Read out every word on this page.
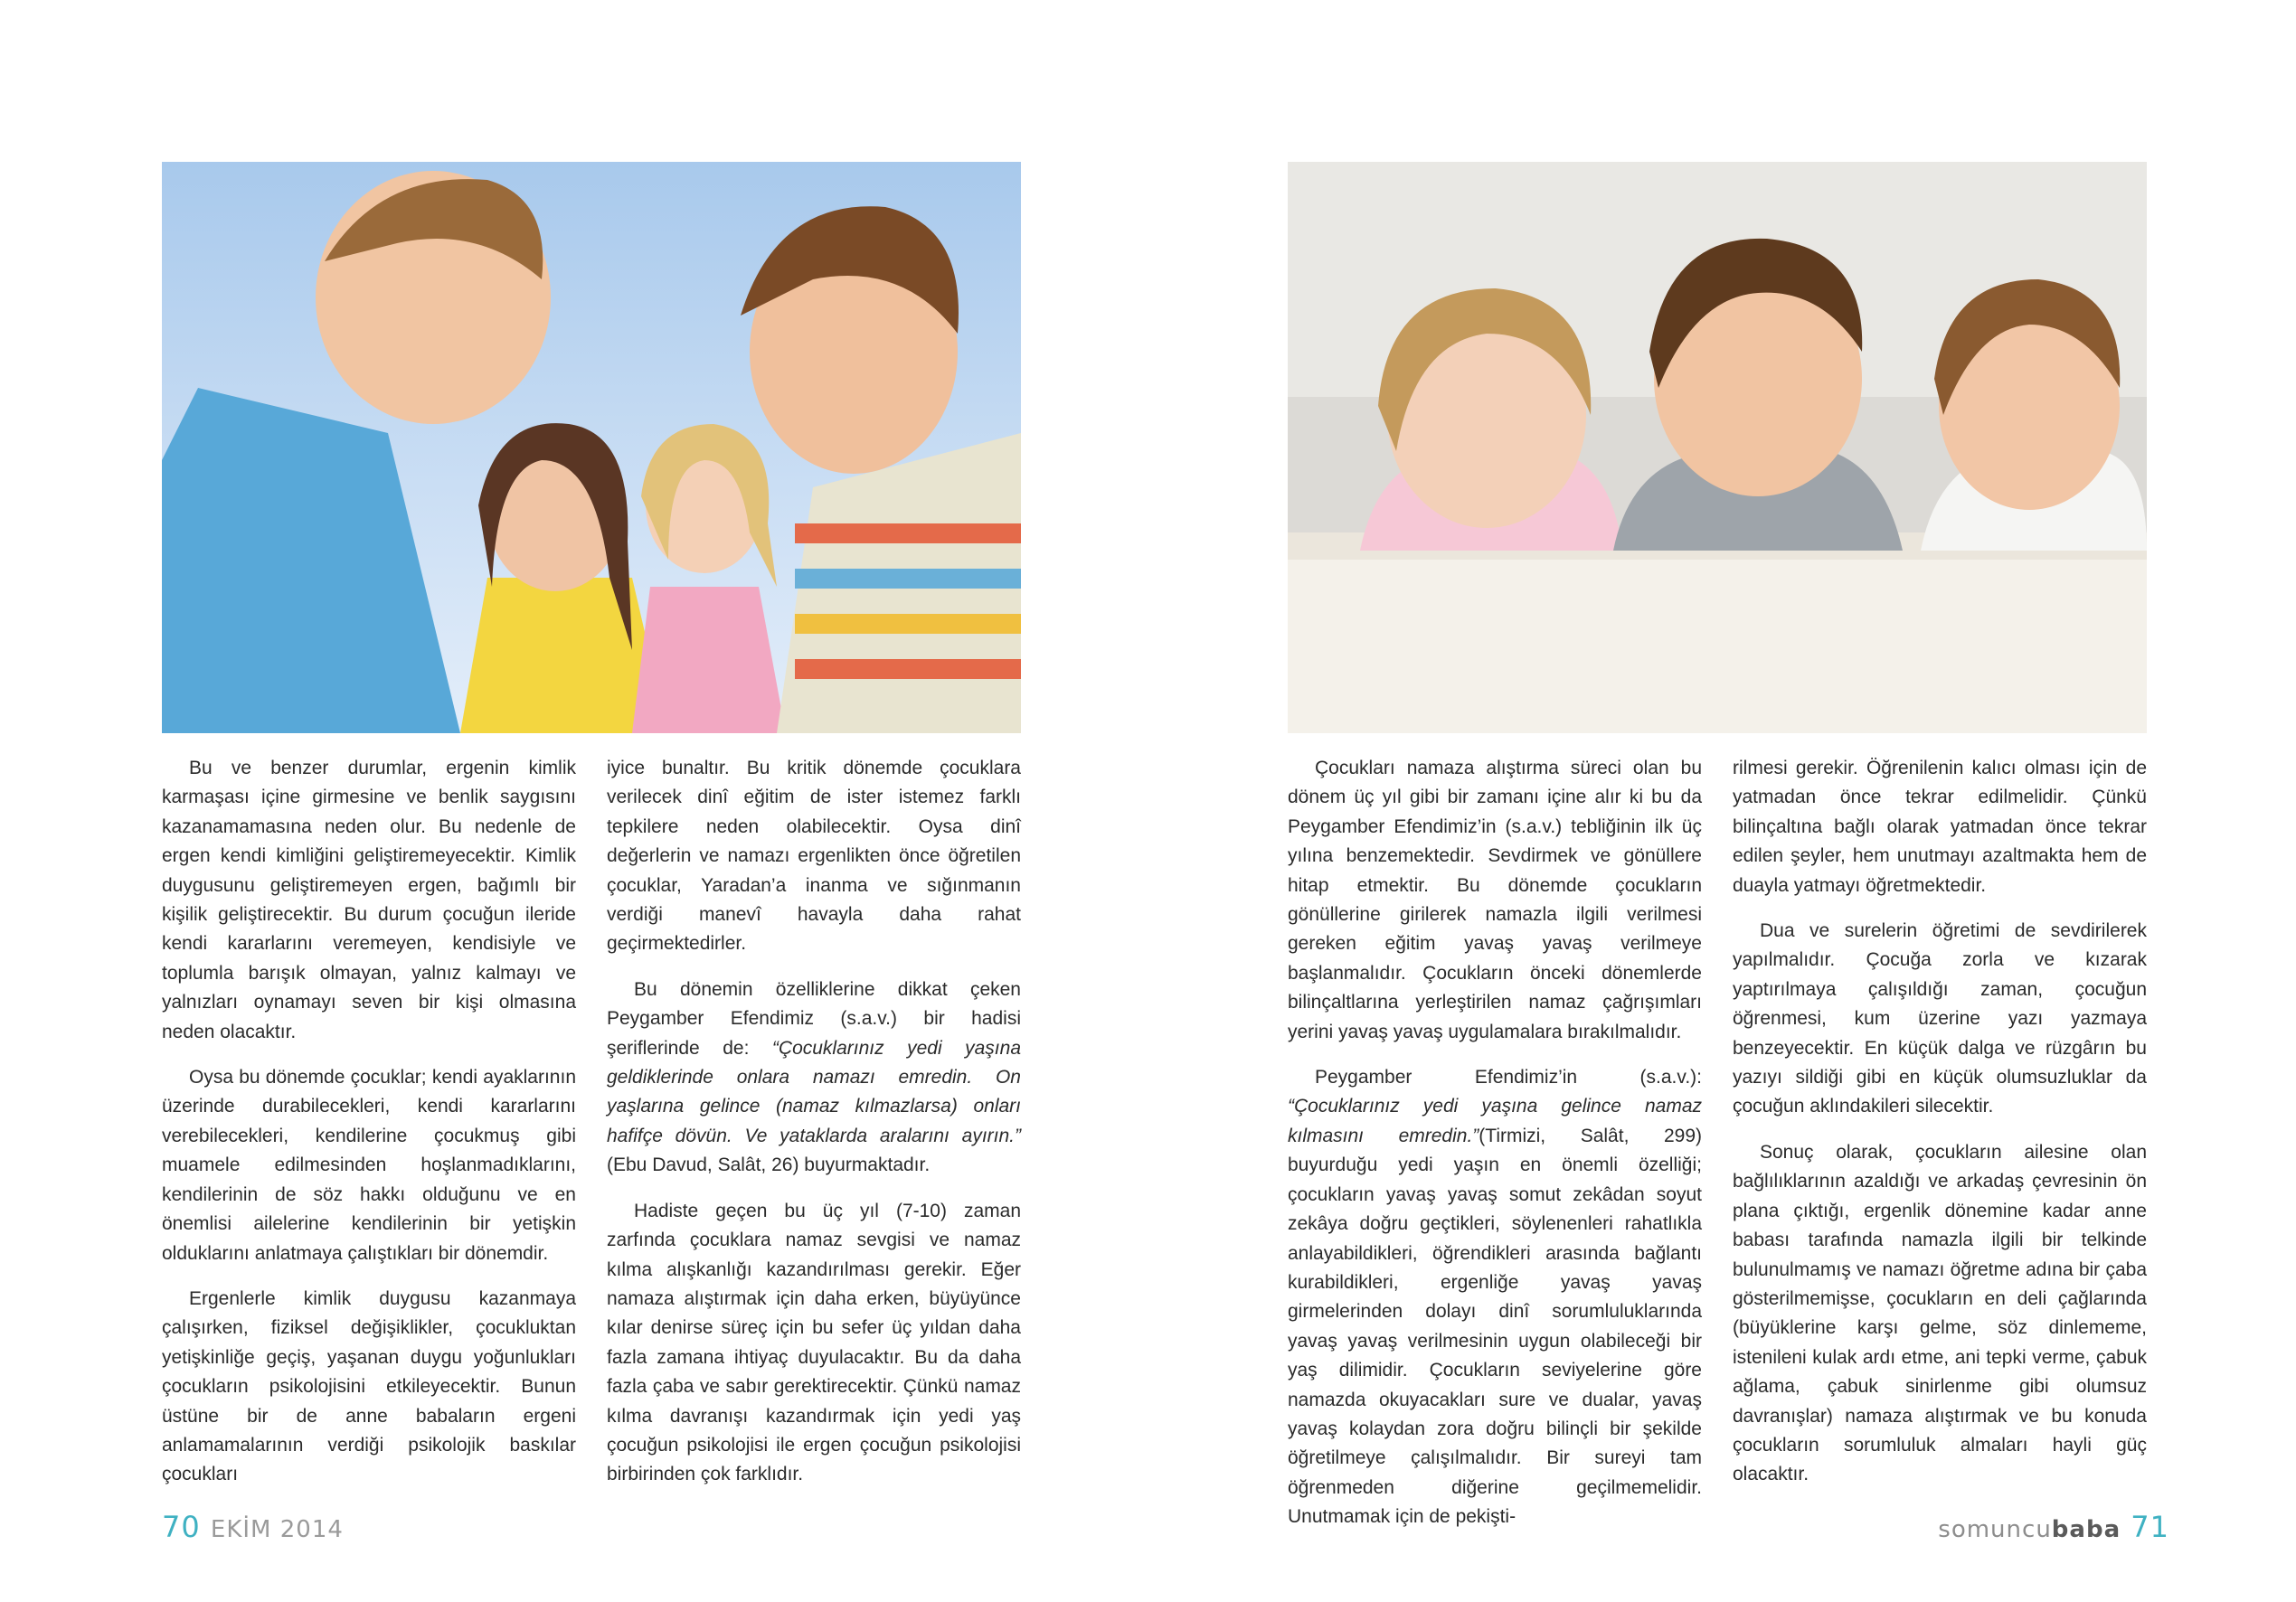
Bu ve benzer durumlar, ergenin kimlik karmaşası içine girmesine ve benlik saygısını kazanamamasına neden olur. Bu nedenle de ergen kendi kimliğini geliştiremeyecektir. Kimlik duygusunu geliştiremeyen ergen, bağımlı bir kişilik geliştirecektir. Bu durum çocuğun ileride kendi kararlarını veremeyen, kendisiyle ve toplumla barışık olmayan, yalnız kalmayı ve yalnızları oynamayı seven bir kişi olmasına neden olacaktır.

Oysa bu dönemde çocuklar; kendi ayaklarının üzerinde durabilecekleri, kendi kararlarını verebilecekleri, kendilerine çocukmuş gibi muamele edilmesinden hoşlanmadıklarını, kendilerinin de söz hakkı olduğunu ve en önemlisi ailelerine kendilerinin bir yetişkin olduklarını anlatmaya çalıştıkları bir dönemdir.

Ergenlerle kimlik duygusu kazanmaya çalışırken, fiziksel değişiklikler, çocukluktan yetişkinliğe geçiş, yaşanan duygu yoğunlukları çocukların psikolojisini etkileyecektir. Bunun üstüne bir de anne babaların ergeni anlamamalarının verdiği psikolojik baskılar çocukları

iyice bunaltır. Bu kritik dönemde çocuklara verilecek dinî eğitim de ister istemez farklı tepkilere neden olabilecektir. Oysa dinî değerlerin ve namazı ergenlikten önce öğretilen çocuklar, Yaradan’a inanma ve sığınmanın verdiği manevî havayla daha rahat geçirmektedirler.

Bu dönemin özelliklerine dikkat çeken Peygamber Efendimiz (s.a.v.) bir hadisi şeriflerinde de: “Çocuklarınız yedi yaşına geldiklerinde onlara namazı emredin. On yaşlarına gelince (namaz kılmazlarsa) onları hafifçe dövün. Ve yataklarda aralarını ayırın.” (Ebu Davud, Salât, 26) buyurmaktadır.

Hadiste geçen bu üç yıl (7-10) zaman zarfında çocuklara namaz sevgisi ve namaz kılma alışkanlığı kazandırılması gerekir. Eğer namaza alıştırmak için daha erken, büyüyünce kılar denirse süreç için bu sefer üç yıldan daha fazla zamana ihtiyaç duyulacaktır. Bu da daha fazla çaba ve sabır gerektirecektir. Çünkü namaz kılma davranışı kazandırmak için yedi yaş çocuğun psikolojisi ile ergen çocuğun psikolojisi birbirinden çok farklıdır.

70 EKİM 2014

Çocukları namaza alıştırma süreci olan bu dönem üç yıl gibi bir zamanı içine alır ki bu da Peygamber Efendimiz’in (s.a.v.) tebliğinin ilk üç yılına benzemektedir. Sevdirmek ve gönüllere hitap etmektir. Bu dönemde çocukların gönüllerine girilerek namazla ilgili verilmesi gereken eğitim yavaş yavaş verilmeye başlanmalıdır. Çocukların önceki dönemlerde bilinçaltlarına yerleştirilen namaz çağrışımları yerini yavaş yavaş uygulamalara bırakılmalıdır.

Peygamber Efendimiz’in (s.a.v.): “Çocuklarınız yedi yaşına gelince namaz kılmasını emredin.”(Tirmizi, Salât, 299) buyurduğu yedi yaşın en önemli özelliği; çocukların yavaş yavaş somut zekâdan soyut zekâya doğru geçtikleri, söylenenleri rahatlıkla anlayabildikleri, öğrendikleri arasında bağlantı kurabildikleri, ergenliğe yavaş yavaş girmelerinden dolayı dinî sorumluluklarında yavaş yavaş verilmesinin uygun olabileceği bir yaş dilimidir. Çocukların seviyelerine göre namazda okuyacakları sure ve dualar, yavaş yavaş kolaydan zora doğru bilinçli bir şekilde öğretilmeye çalışılmalıdır. Bir sureyi tam öğrenmeden diğerine geçilmemelidir. Unutmamak için de pekişti-

rilmesi gerekir. Öğrenilenin kalıcı olması için de yatmadan önce tekrar edilmelidir. Çünkü bilinçaltına bağlı olarak yatmadan önce tekrar edilen şeyler, hem unutmayı azaltmakta hem de duayla yatmayı öğretmektedir.

Dua ve surelerin öğretimi de sevdirilerek yapılmalıdır. Çocuğa zorla ve kızarak yaptırılmaya çalışıldığı zaman, çocuğun öğrenmesi, kum üzerine yazı yazmaya benzeyecektir. En küçük dalga ve rüzgârın bu yazıyı sildiği gibi en küçük olumsuzluklar da çocuğun aklındakileri silecektir.

Sonuç olarak, çocukların ailesine olan bağlılıklarının azaldığı ve arkadaş çevresinin ön plana çıktığı, ergenlik dönemine kadar anne babası tarafında namazla ilgili bir telkinde bulunulmamış ve namazı öğretme adına bir çaba gösterilmemişse, çocukların en deli çağlarında (büyüklerine karşı gelme, söz dinlememe, istenileni kulak ardı etme, ani tepki verme, çabuk ağlama, çabuk sinirlenme gibi olumsuz davranışlar) namaza alıştırmak ve bu konuda çocukların sorumluluk almaları hayli güç olacaktır.

somuncubaba 71
